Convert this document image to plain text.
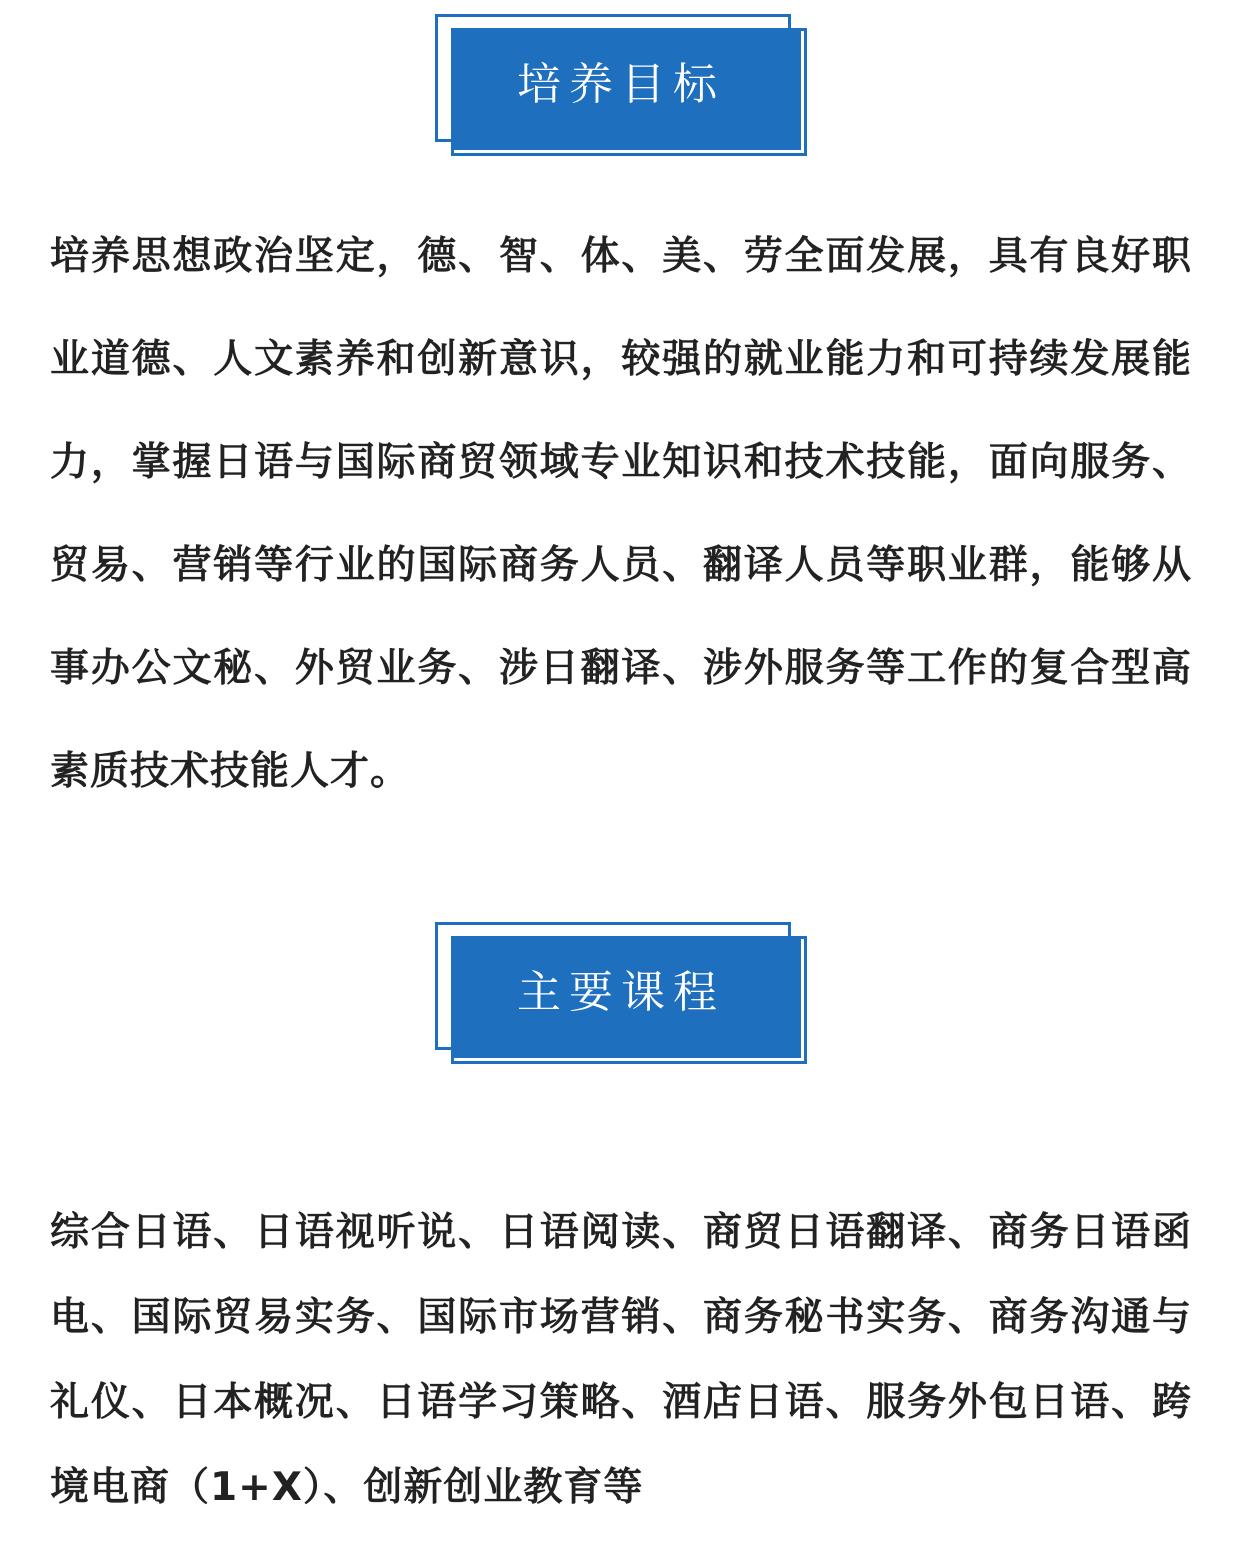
培养目标

培养思想政治坚定，德、智、体、美、劳全面发展，具有良好职业道德、人文素养和创新意识，较强的就业能力和可持续发展能力，掌握日语与国际商贸领域专业知识和技术技能，面向服务、贸易、营销等行业的国际商务人员、翻译人员等职业群，能够从事办公文秘、外贸业务、涉日翻译、涉外服务等工作的复合型高素质技术技能人才。

主要课程

综合日语、日语视听说、日语阅读、商贸日语翻译、商务日语函电、国际贸易实务、国际市场营销、商务秘书实务、商务沟通与礼仪、日本概况、日语学习策略、酒店日语、服务外包日语、跨境电商（1+X）、创新创业教育等
